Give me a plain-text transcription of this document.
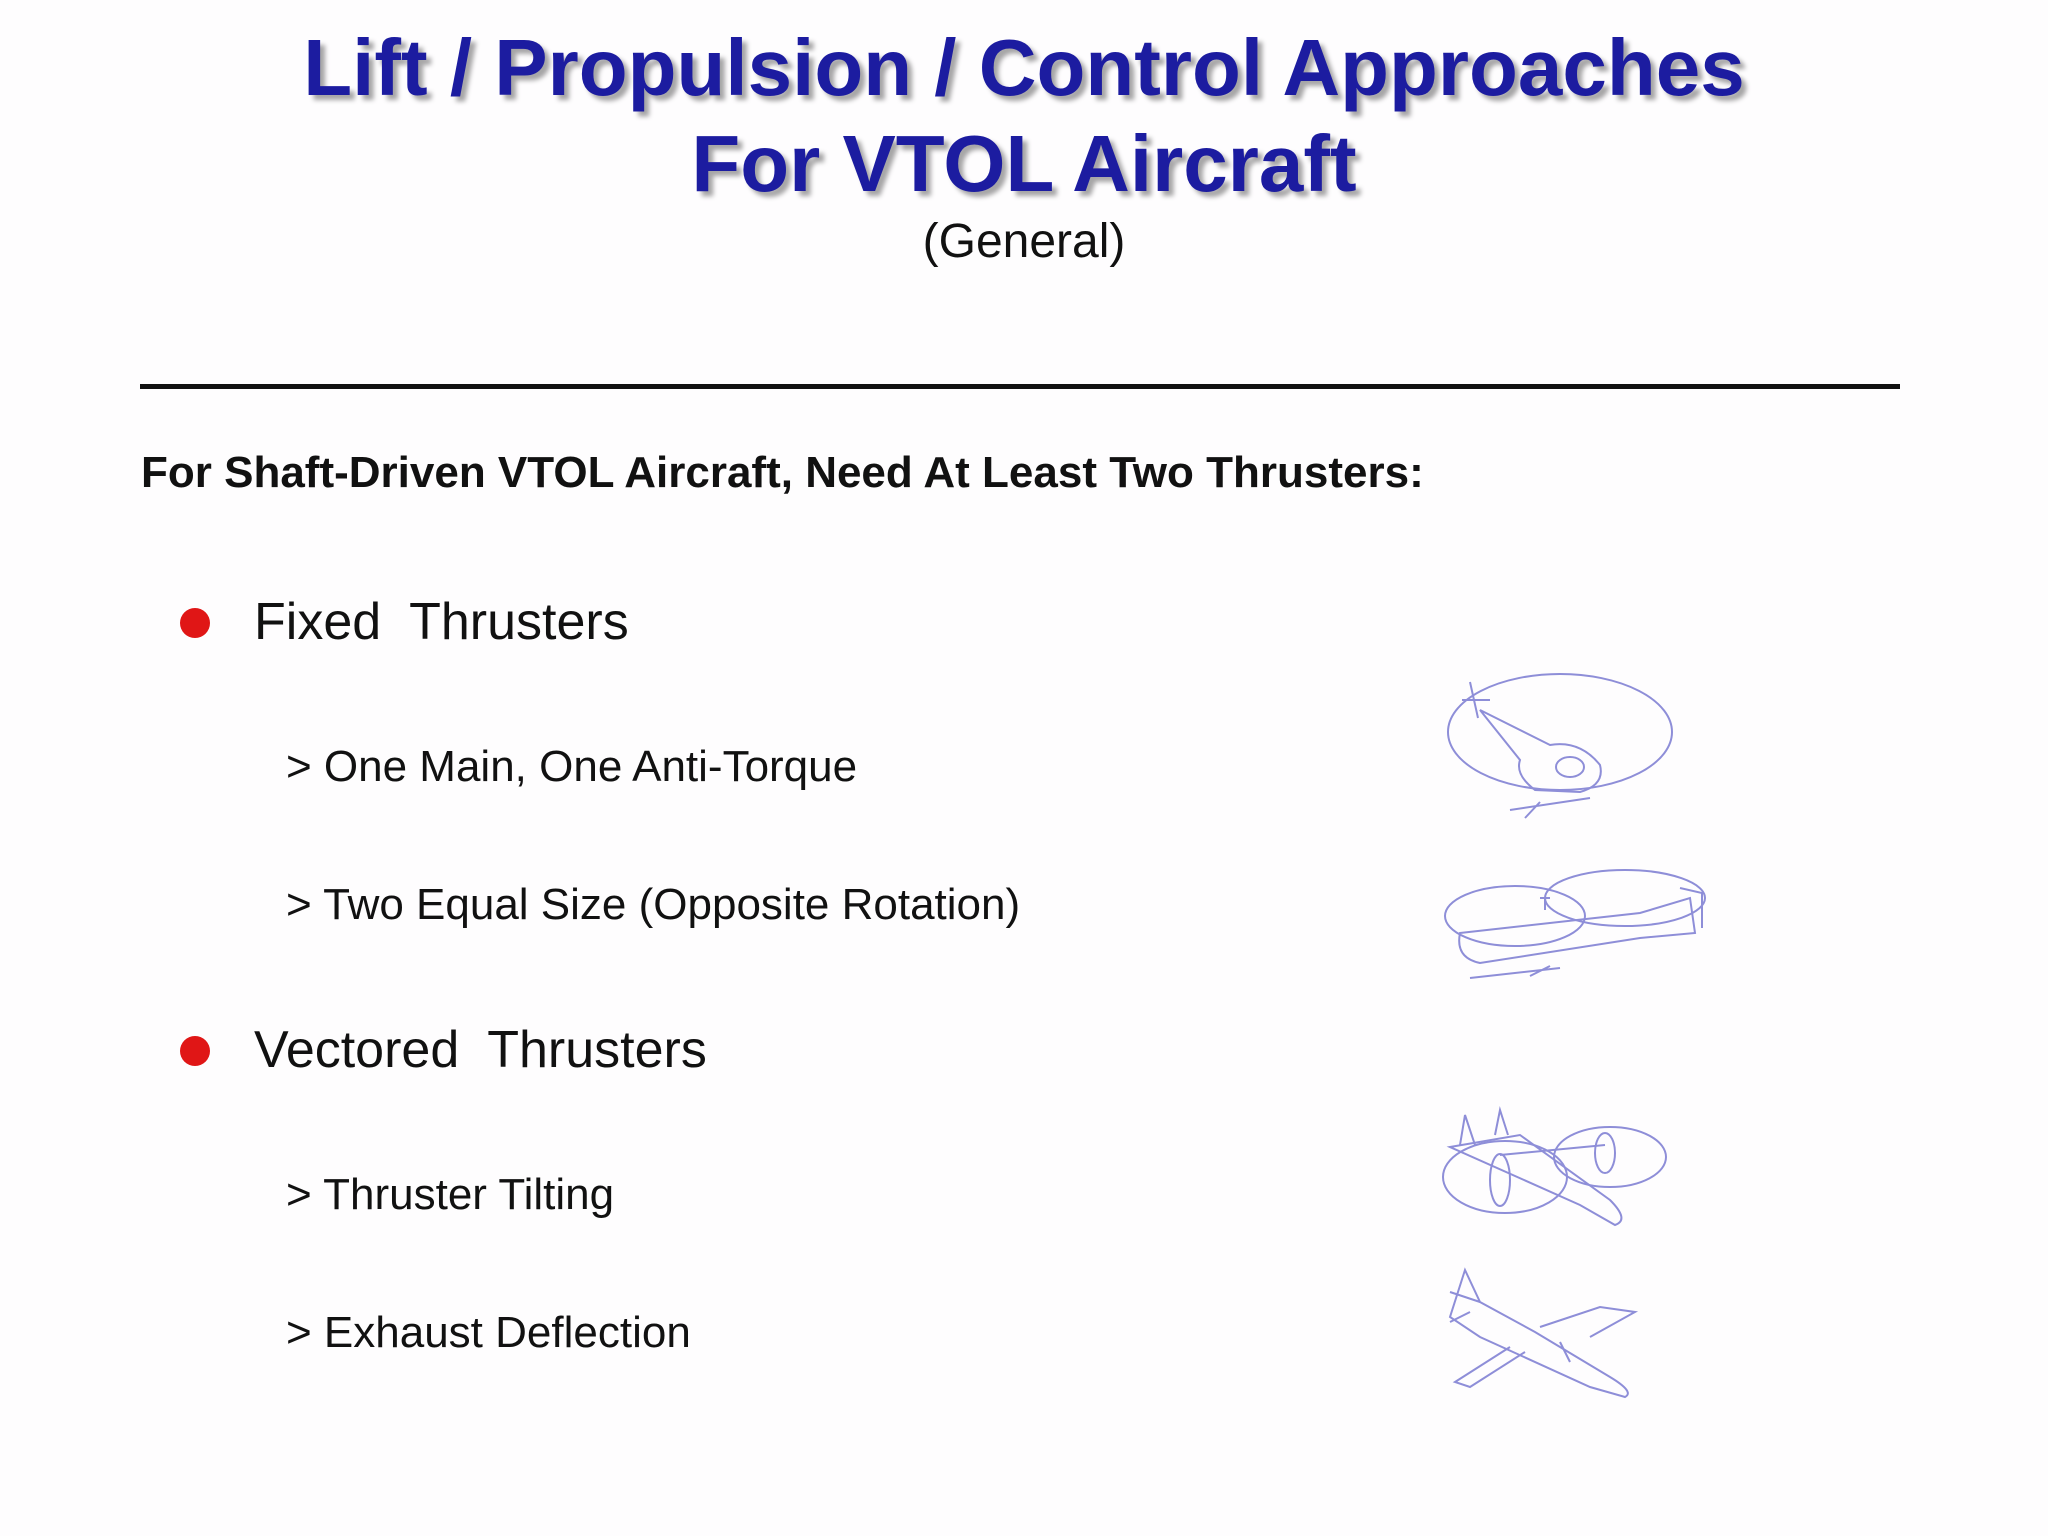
Lift / Propulsion / Control Approaches
For VTOL Aircraft
(General)
For Shaft-Driven VTOL Aircraft, Need At Least Two Thrusters:
Fixed  Thrusters
> One Main, One Anti-Torque
> Two Equal Size (Opposite Rotation)
Vectored  Thrusters
> Thruster Tilting
> Exhaust Deflection
